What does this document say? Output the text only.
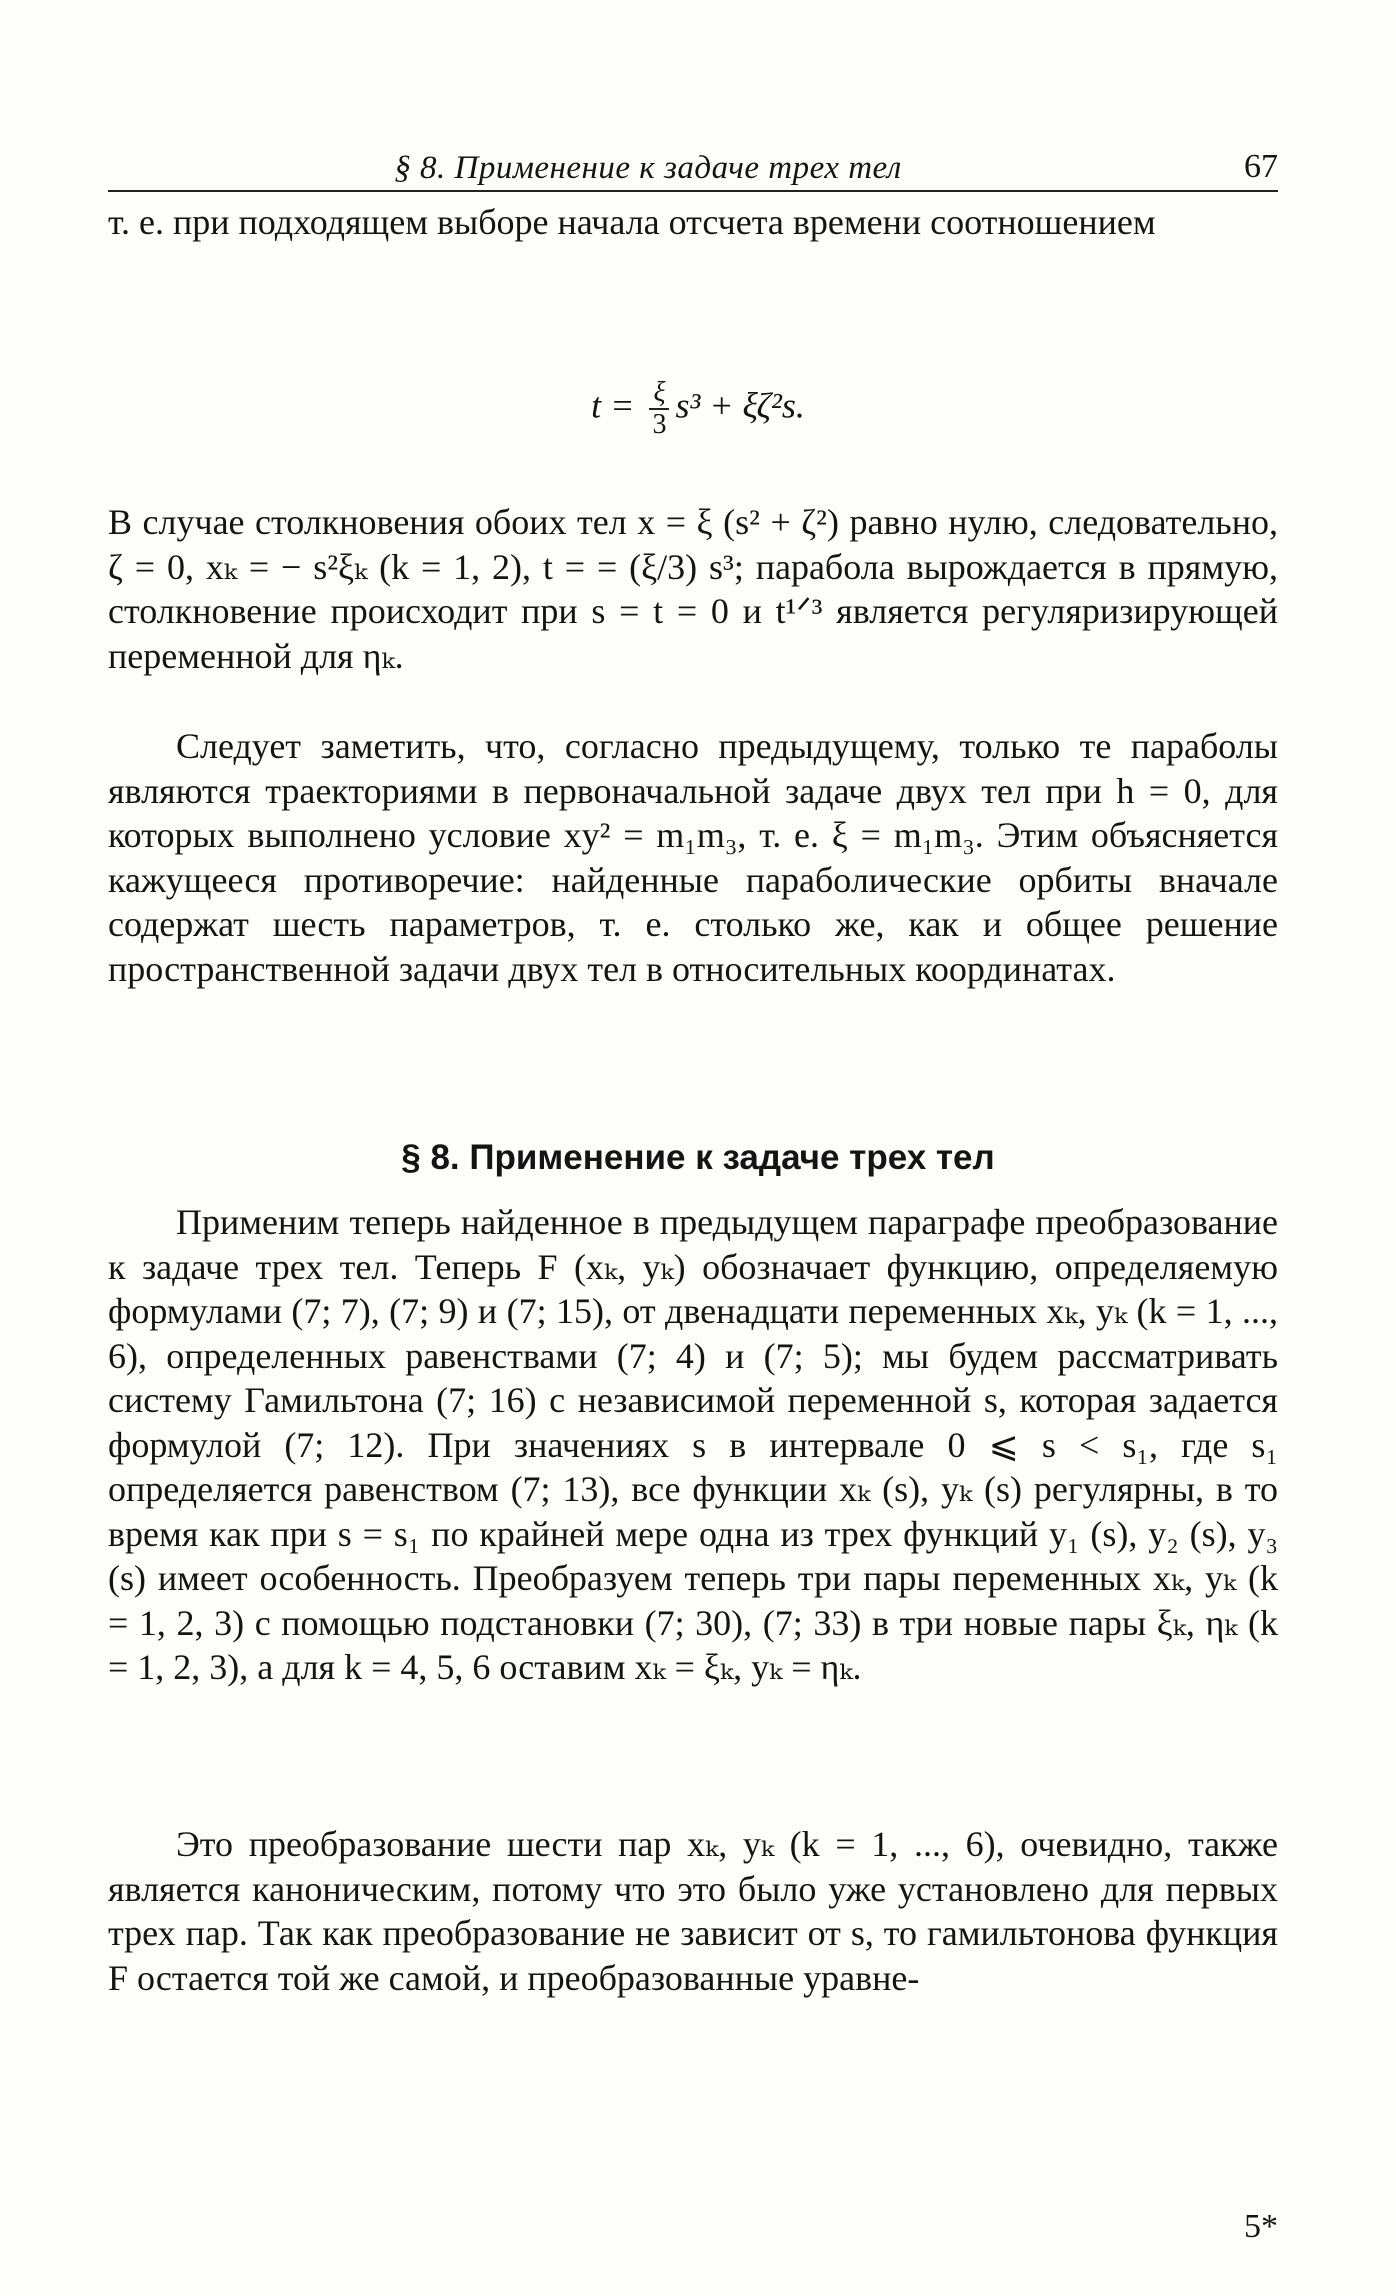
§ 8. Применение к задаче трех тел	67
т. е. при подходящем выборе начала отсчета времени соотношением
$t = \frac{\xi}{3} s^3 + \xi\zeta^2s$.
В случае столкновения обоих тел x = ξ (s² + ζ²) равно нулю, следовательно, ζ = 0, xₖ = − s²ξₖ (k = 1, 2), t = = (ξ/3) s³; парабола вырождается в прямую, столкновение происходит при s = t = 0 и t¹ᐟ³ является регуляризирующей переменной для ηₖ.
Следует заметить, что, согласно предыдущему, только те параболы являются траекториями в первоначальной задаче двух тел при h = 0, для которых выполнено условие xy² = m₁m₃, т. е. ξ = m₁m₃. Этим объясняется кажущееся противоречие: найденные параболические орбиты вначале содержат шесть параметров, т. е. столько же, как и общее решение пространственной задачи двух тел в относительных координатах.
§ 8. Применение к задаче трех тел
Применим теперь найденное в предыдущем параграфе преобразование к задаче трех тел. Теперь F (xₖ, yₖ) обозначает функцию, определяемую формулами (7; 7), (7; 9) и (7; 15), от двенадцати переменных xₖ, yₖ (k = 1, ..., 6), определенных равенствами (7; 4) и (7; 5); мы будем рассматривать систему Гамильтона (7; 16) с независимой переменной s, которая задается формулой (7; 12). При значениях s в интервале 0 ⩽ s < s₁, где s₁ определяется равенством (7; 13), все функции xₖ (s), yₖ (s) регулярны, в то время как при s = s₁ по крайней мере одна из трех функций y₁ (s), y₂ (s), y₃ (s) имеет особенность. Преобразуем теперь три пары переменных xₖ, yₖ (k = 1, 2, 3) с помощью подстановки (7; 30), (7; 33) в три новые пары ξₖ, ηₖ (k = 1, 2, 3), а для k = 4, 5, 6 оставим xₖ = ξₖ, yₖ = ηₖ.
Это преобразование шести пар xₖ, yₖ (k = 1, ..., 6), очевидно, также является каноническим, потому что это было уже установлено для первых трех пар. Так как преобразование не зависит от s, то гамильтонова функция F остается той же самой, и преобразованные уравне-
5*
